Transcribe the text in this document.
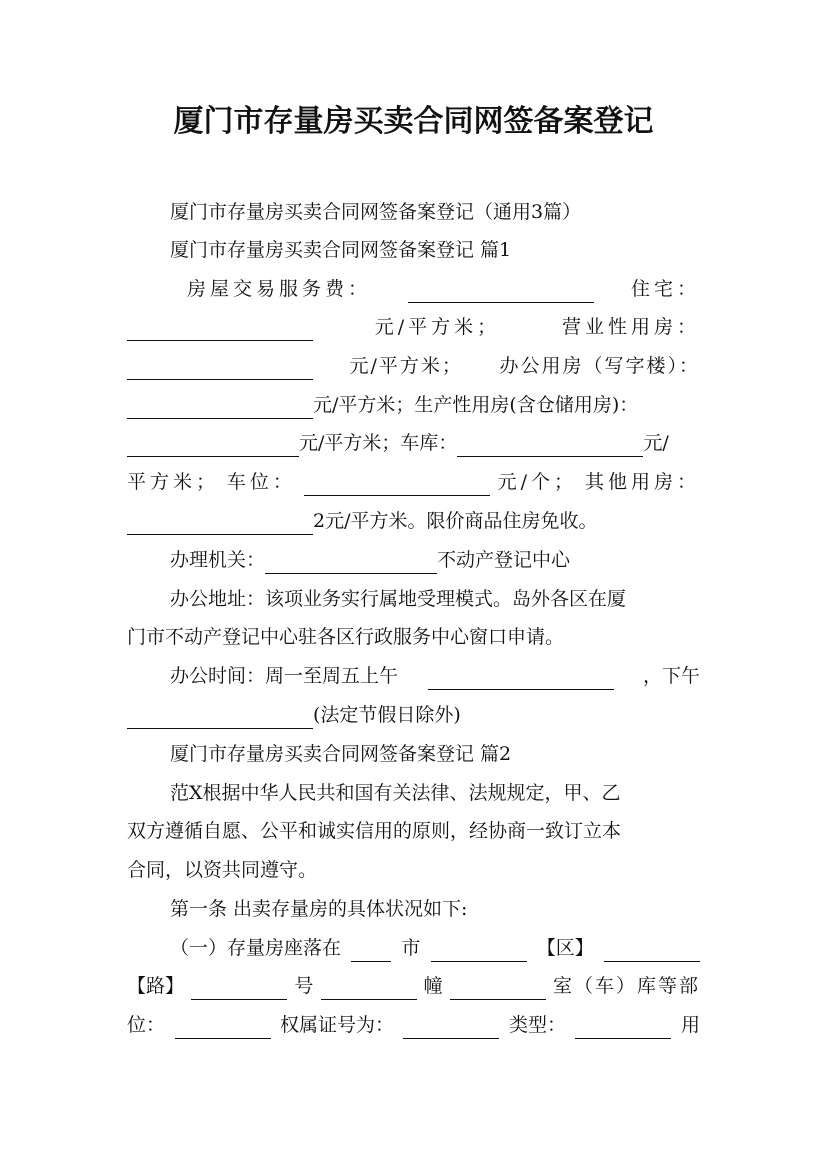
厦门市存量房买卖合同网签备案登记
厦门市存量房买卖合同网签备案登记（通用3篇）
厦门市存量房买卖合同网签备案登记 篇1
房屋交易服务费：	住宅：
元/平方米；	营业性用房：
元/平方米； 办公用房（写字楼）：
元/平方米； 生产性用房(含仓储用房)：
元/平方米； 车库：	元/
平方米； 车位：	元/个； 其他用房：
2元/平方米。限价商品住房免收。
办理机关：	不动产登记中心
办公地址：该项业务实行属地受理模式。岛外各区在厦
门市不动产登记中心驻各区行政服务中心窗口申请。
办公时间：周一至周五上午	，下午
(法定节假日除外)
厦门市存量房买卖合同网签备案登记 篇2
范X根据中华人民共和国有关法律、法规规定，甲、乙
双方遵循自愿、公平和诚实信用的原则，经协商一致订立本
合同，以资共同遵守。
第一条 出卖存量房的具体状况如下:
（一）存量房座落在	市	【区】
【路】	号	幢	室（车）库等部
位：	权属证号为：	类型：	用
